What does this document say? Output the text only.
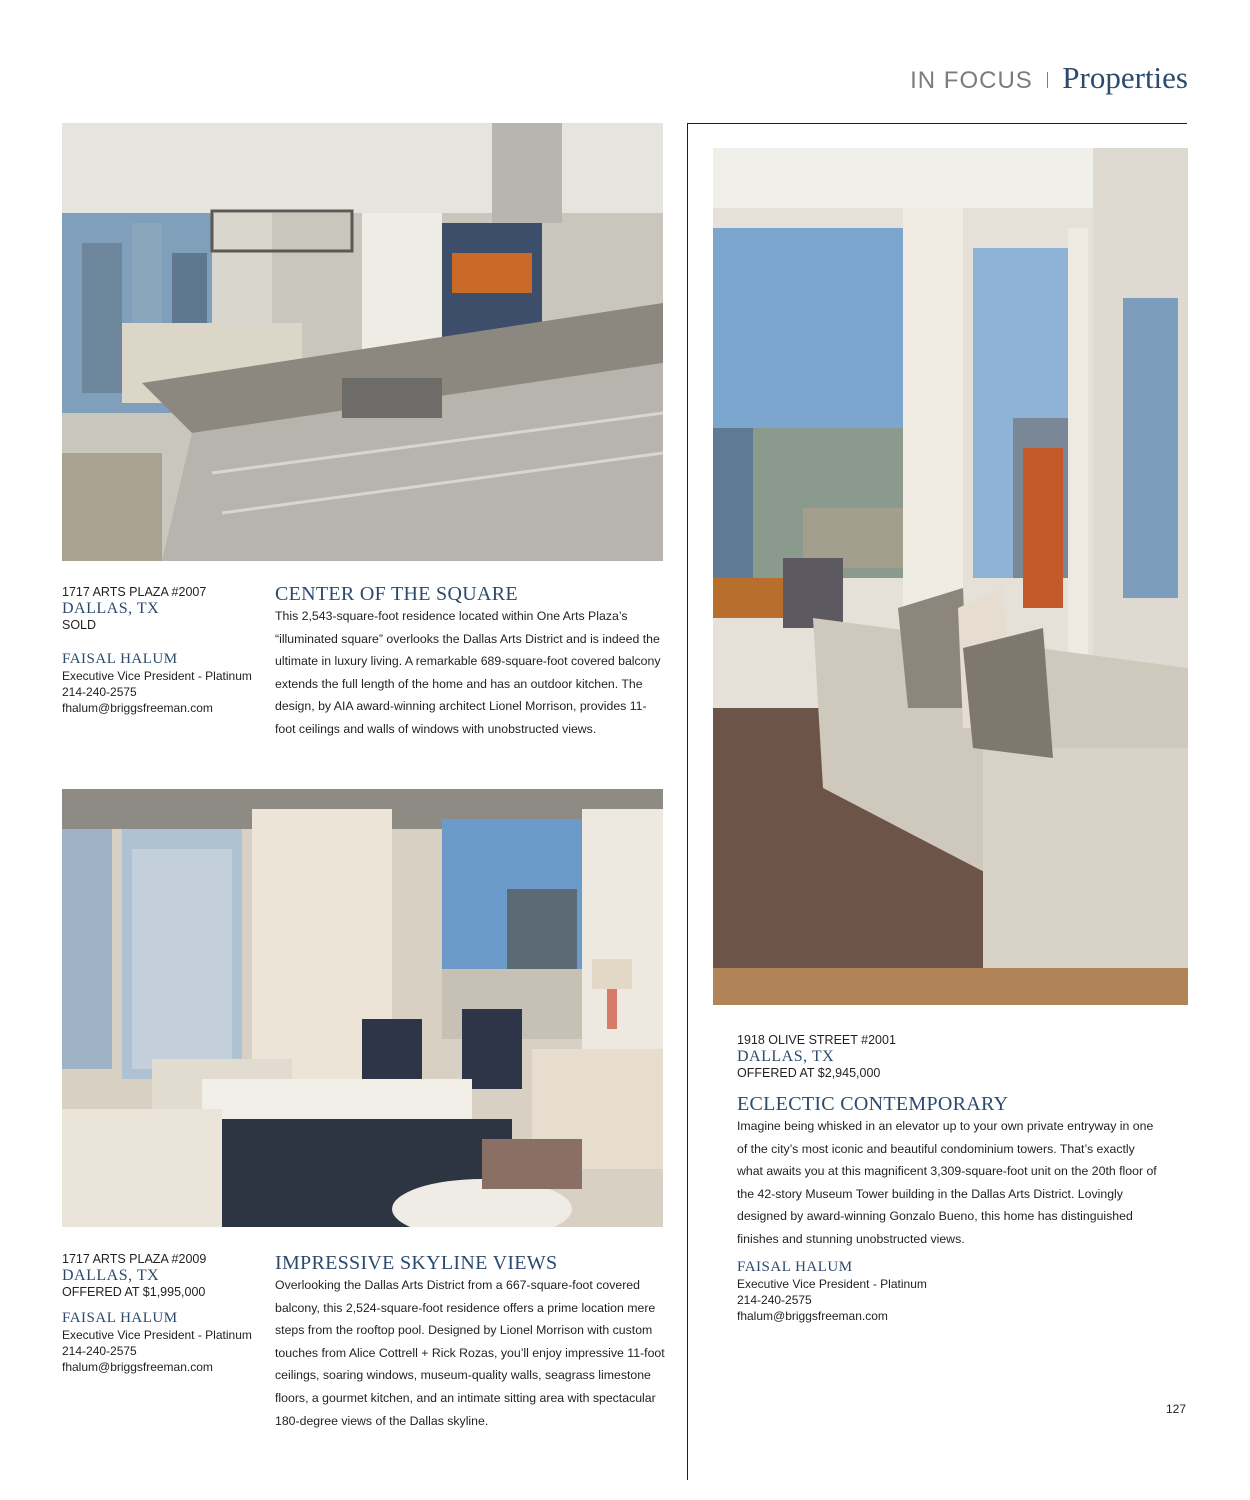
IN FOCUS Properties
1717 ARTS PLAZA #2007
DALLAS, TX
SOLD
FAISAL HALUM
Executive Vice President - Platinum
214-240-2575
fhalum@briggsfreeman.com
CENTER OF THE SQUARE
This 2,543-square-foot residence located within One Arts Plaza’s “illuminated square” overlooks the Dallas Arts District and is indeed the ultimate in luxury living. A remarkable 689-square-foot covered balcony extends the full length of the home and has an outdoor kitchen. The design, by AIA award-winning architect Lionel Morrison, provides 11-foot ceilings and walls of windows with unobstructed views.
1717 ARTS PLAZA #2009
DALLAS, TX
OFFERED AT $1,995,000
FAISAL HALUM
Executive Vice President - Platinum
214-240-2575
fhalum@briggsfreeman.com
IMPRESSIVE SKYLINE VIEWS
Overlooking the Dallas Arts District from a 667-square-foot covered balcony, this 2,524-square-foot residence offers a prime location mere steps from the rooftop pool. Designed by Lionel Morrison with custom touches from Alice Cottrell + Rick Rozas, you’ll enjoy impressive 11-foot ceilings, soaring windows, museum-quality walls, seagrass limestone floors, a gourmet kitchen, and an intimate sitting area with spectacular 180-degree views of the Dallas skyline.
1918 OLIVE STREET #2001
DALLAS, TX
OFFERED AT $2,945,000
ECLECTIC CONTEMPORARY
Imagine being whisked in an elevator up to your own private entryway in one of the city’s most iconic and beautiful condominium towers. That’s exactly what awaits you at this magnificent 3,309-square-foot unit on the 20th floor of the 42-story Museum Tower building in the Dallas Arts District. Lovingly designed by award-winning Gonzalo Bueno, this home has distinguished finishes and stunning unobstructed views.
FAISAL HALUM
Executive Vice President - Platinum
214-240-2575
fhalum@briggsfreeman.com
127
